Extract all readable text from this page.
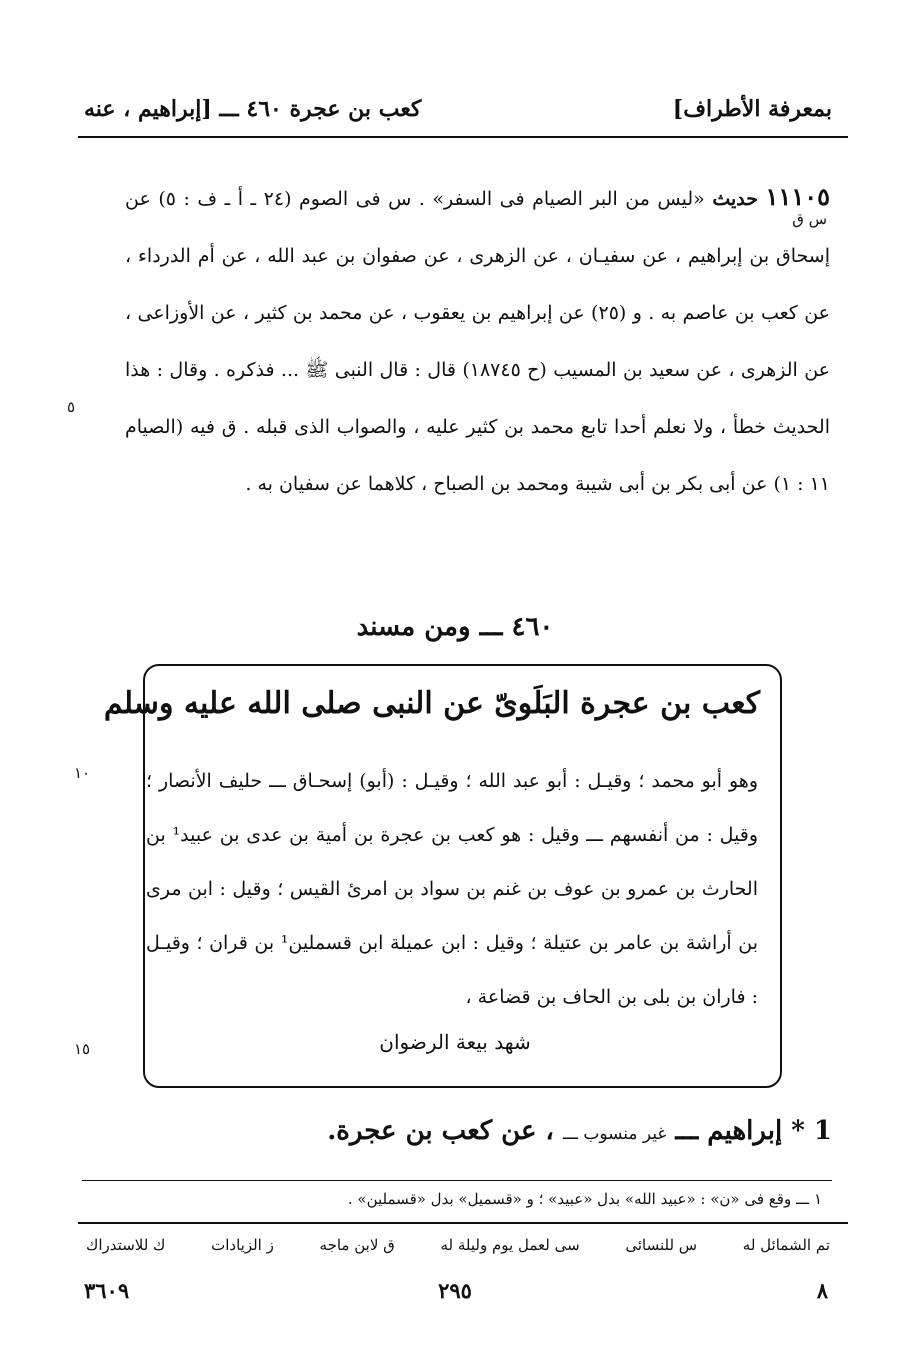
بمعرفة الأطراف]
كعب بن عجرة ٤٦٠ ـــ [إبراهيم ، عنه
١١١٠٥ حديث «ليس من البر الصيام فى السفر» . س فى الصوم (٢٤ ـ أ ـ ف : ٥) عن إسحاق بن إبراهيم ، عن سفيـان ، عن الزهرى ، عن صفوان بن عبد الله ، عن أم الدرداء ، عن كعب بن عاصم به . و (٢٥) عن إبراهيم بن يعقوب ، عن محمد بن كثير ، عن الأوزاعى ، عن الزهرى ، عن سعيد بن المسيب (ح ١٨٧٤٥) قال : قال النبى ﷺ ... فذكره . وقال : هذا الحديث خطأ ، ولا نعلم أحدا تابع محمد بن كثير عليه ، والصواب الذى قبله . ق فيه (الصيام ١١ : ١) عن أبى بكر بن أبى شيبة ومحمد بن الصباح ، كلاهما عن سفيان به .
س ق
٥
٤٦٠ ـــ ومن مسند
كعب بن عجرة البَلَوىّ عن النبى صلى الله عليه وسلم
وهو أبو محمد ؛ وقيـل : أبو عبد الله ؛ وقيـل : (أبو) إسحـاق ـــ حليف الأنصار ؛ وقيل : من أنفسهم ـــ وقيل : هو كعب بن عجرة بن أمية بن عدى بن عبيد¹ بن الحارث بن عمرو بن عوف بن غنم بن سواد بن امرئ القيس ؛ وقيل : ابن مرى بن أراشة بن عامر بن عتيلة ؛ وقيل : ابن عميلة ابن قسملين¹ بن قران ؛ وقيـل : فاران بن بلى بن الحاف بن قضاعة ،
شهد بيعة الرضوان
١٠
١٥
1 * إبراهيم ـــ غير منسوب ـــ ، عن كعب بن عجرة.
١ ـــ وقع فى «ن» : «عبيد الله» بدل «عبيد» ؛ و «قسميل» بدل «قسملين» .
تم الشمائل له
س للنسائى
سى لعمل يوم وليلة له
ق لابن ماجه
ز الزيادات
ك للاستدراك
٨
٢٩٥
٣٦٠٩
